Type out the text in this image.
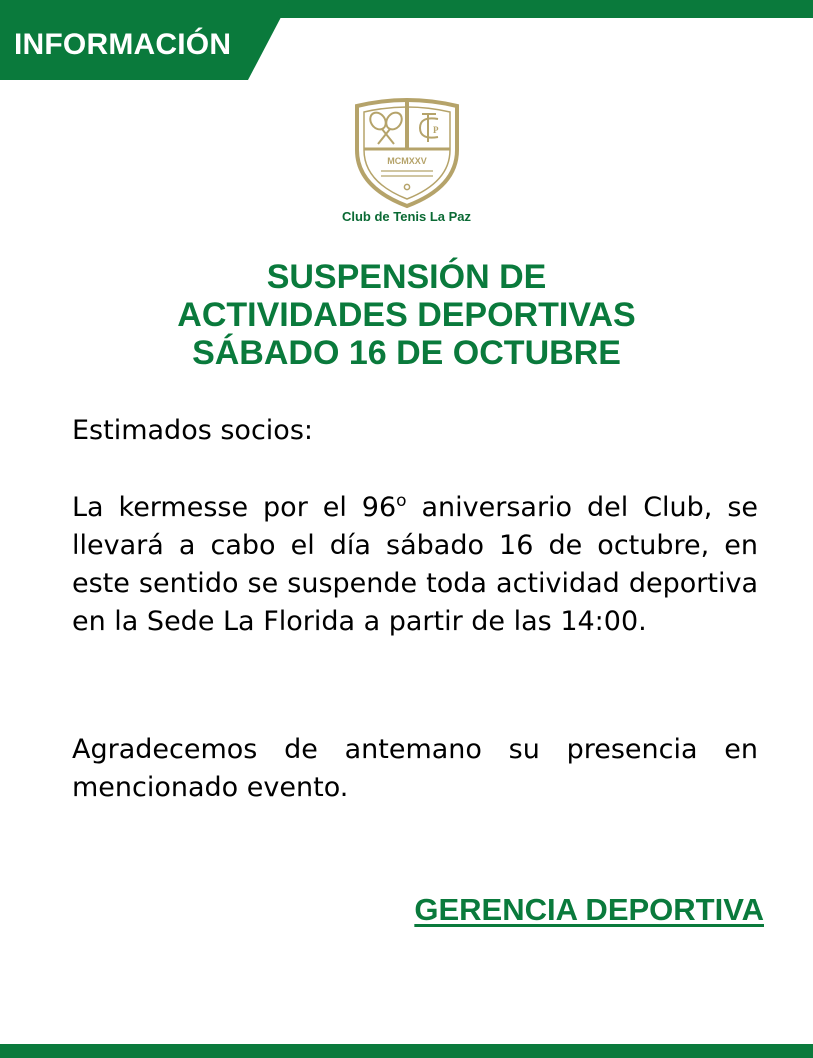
INFORMACIÓN
P
MCMXXV
Club de Tenis La Paz
SUSPENSIÓN DE
ACTIVIDADES DEPORTIVAS
SÁBADO 16 DE OCTUBRE
Estimados socios:
La kermesse por el 96$^o$ aniversario del Club, se llevará a cabo el día sábado 16 de octubre, en este sentido se suspende toda actividad deportiva en la Sede La Florida a partir de las 14:00.
Agradecemos de antemano su presencia en mencionado evento.
GERENCIA DEPORTIVA
